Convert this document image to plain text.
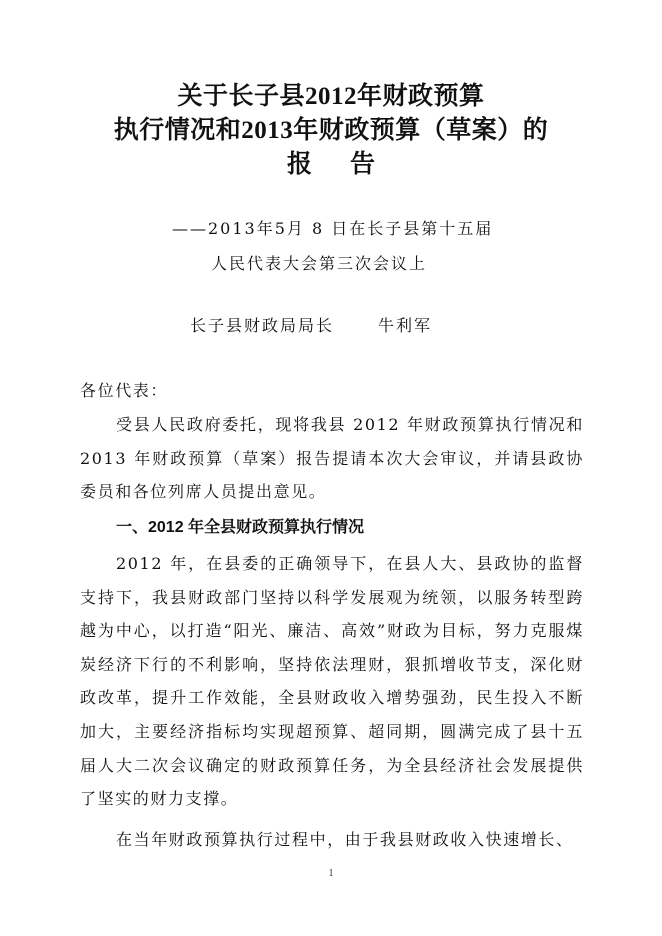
关于长子县2012年财政预算
执行情况和2013年财政预算（草案）的
报告
——2013年5月 8 日在长子县第十五届
人民代表大会第三次会议上
长子县财政局局长	牛利军
各位代表：
受县人民政府委托，现将我县 2012 年财政预算执行情况和2013 年财政预算（草案）报告提请本次大会审议，并请县政协委员和各位列席人员提出意见。
一、2012 年全县财政预算执行情况
2012 年，在县委的正确领导下，在县人大、县政协的监督支持下，我县财政部门坚持以科学发展观为统领，以服务转型跨越为中心，以打造“阳光、廉洁、高效”财政为目标，努力克服煤炭经济下行的不利影响，坚持依法理财，狠抓增收节支，深化财政改革，提升工作效能，全县财政收入增势强劲，民生投入不断加大，主要经济指标均实现超预算、超同期，圆满完成了县十五届人大二次会议确定的财政预算任务，为全县经济社会发展提供了坚实的财力支撑。
在当年财政预算执行过程中，由于我县财政收入快速增长、
1
